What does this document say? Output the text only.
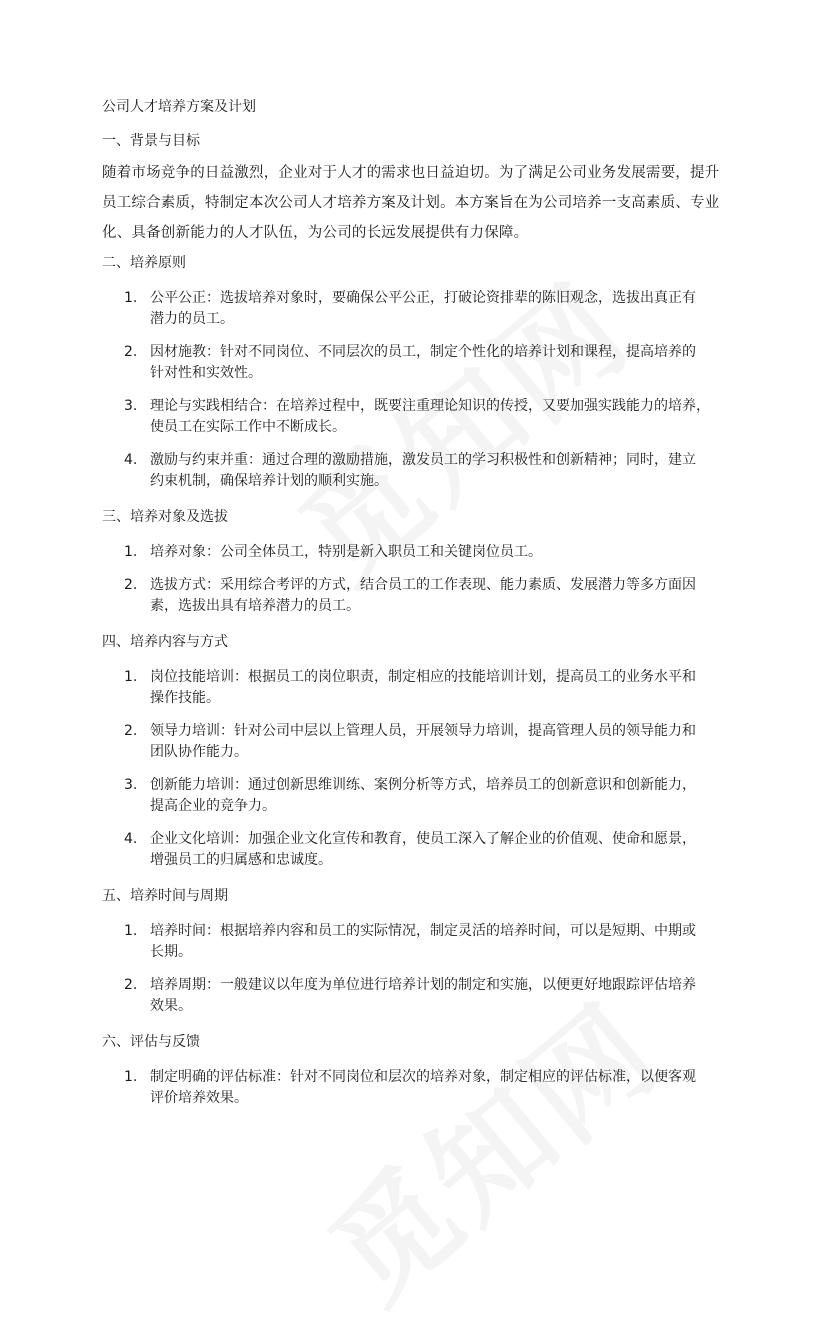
公司人才培养方案及计划

一、背景与目标

随着市场竞争的日益激烈，企业对于人才的需求也日益迫切。为了满足公司业务发展需要，提升

员工综合素质，特制定本次公司人才培养方案及计划。本方案旨在为公司培养一支高素质、专业

化、具备创新能力的人才队伍，为公司的长远发展提供有力保障。

二、培养原则

1. 公平公正：选拔培养对象时，要确保公平公正，打破论资排辈的陈旧观念，选拔出真正有
潜力的员工。
2. 因材施教：针对不同岗位、不同层次的员工，制定个性化的培养计划和课程，提高培养的
针对性和实效性。
3. 理论与实践相结合：在培养过程中，既要注重理论知识的传授，又要加强实践能力的培养，
使员工在实际工作中不断成长。
4. 激励与约束并重：通过合理的激励措施，激发员工的学习积极性和创新精神；同时，建立
约束机制，确保培养计划的顺利实施。

三、培养对象及选拔

1. 培养对象：公司全体员工，特别是新入职员工和关键岗位员工。
2. 选拔方式：采用综合考评的方式，结合员工的工作表现、能力素质、发展潜力等多方面因
素，选拔出具有培养潜力的员工。

四、培养内容与方式

1. 岗位技能培训：根据员工的岗位职责，制定相应的技能培训计划，提高员工的业务水平和
操作技能。
2. 领导力培训：针对公司中层以上管理人员，开展领导力培训，提高管理人员的领导能力和
团队协作能力。
3. 创新能力培训：通过创新思维训练、案例分析等方式，培养员工的创新意识和创新能力，
提高企业的竞争力。
4. 企业文化培训：加强企业文化宣传和教育，使员工深入了解企业的价值观、使命和愿景，
增强员工的归属感和忠诚度。

五、培养时间与周期

1. 培养时间：根据培养内容和员工的实际情况，制定灵活的培养时间，可以是短期、中期或
长期。
2. 培养周期：一般建议以年度为单位进行培养计划的制定和实施，以便更好地跟踪评估培养
效果。

六、评估与反馈

1. 制定明确的评估标准：针对不同岗位和层次的培养对象，制定相应的评估标准，以便客观
评价培养效果。
